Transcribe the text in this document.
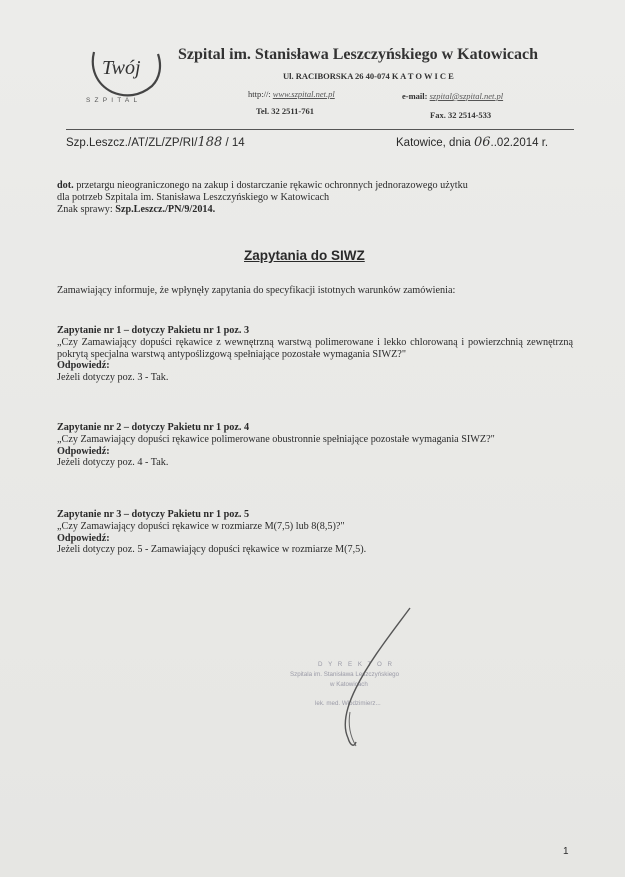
Twój
SZPITAL
Szpital im. Stanisława Leszczyńskiego w Katowicach
Ul. RACIBORSKA 26 40-074 K A T O W I C E
http://: www.szpital.net.pl	e-mail: szpital@szpital.net.pl
Tel. 32 2511-761	Fax. 32 2514-533
Szp.Leszcz./AT/ZL/ZP/RI/188 / 14	Katowice, dnia 06..02.2014 r.
dot. przetargu nieograniczonego na zakup i dostarczanie rękawic ochronnych jednorazowego użytku
dla potrzeb Szpitala im. Stanisława Leszczyńskiego w Katowicach
Znak sprawy: Szp.Leszcz./PN/9/2014.
Zapytania do SIWZ
Zamawiający informuje, że wpłynęły zapytania do specyfikacji istotnych warunków zamówienia:
Zapytanie nr 1 – dotyczy Pakietu nr 1 poz. 3
„Czy Zamawiający dopuści rękawice z wewnętrzną warstwą polimerowane i lekko chlorowaną i powierzchnią zewnętrzną pokrytą specjalna warstwą antypoślizgową spełniające pozostałe wymagania SIWZ?"
Odpowiedź:
Jeżeli dotyczy poz. 3 - Tak.
Zapytanie nr 2 – dotyczy Pakietu nr 1 poz. 4
„Czy Zamawiający dopuści rękawice polimerowane obustronnie spełniające pozostałe wymagania SIWZ?"
Odpowiedź:
Jeżeli dotyczy poz. 4 - Tak.
Zapytanie nr 3 – dotyczy Pakietu nr 1 poz. 5
„Czy Zamawiający dopuści rękawice w rozmiarze M(7,5) lub 8(8,5)?"
Odpowiedź:
Jeżeli dotyczy poz. 5 - Zamawiający dopuści rękawice w rozmiarze M(7,5).
D Y R E K T O R
Szpitala im. Stanisława Leszczyńskiego
w Katowicach
lek. med. Włodzimierz...
1
